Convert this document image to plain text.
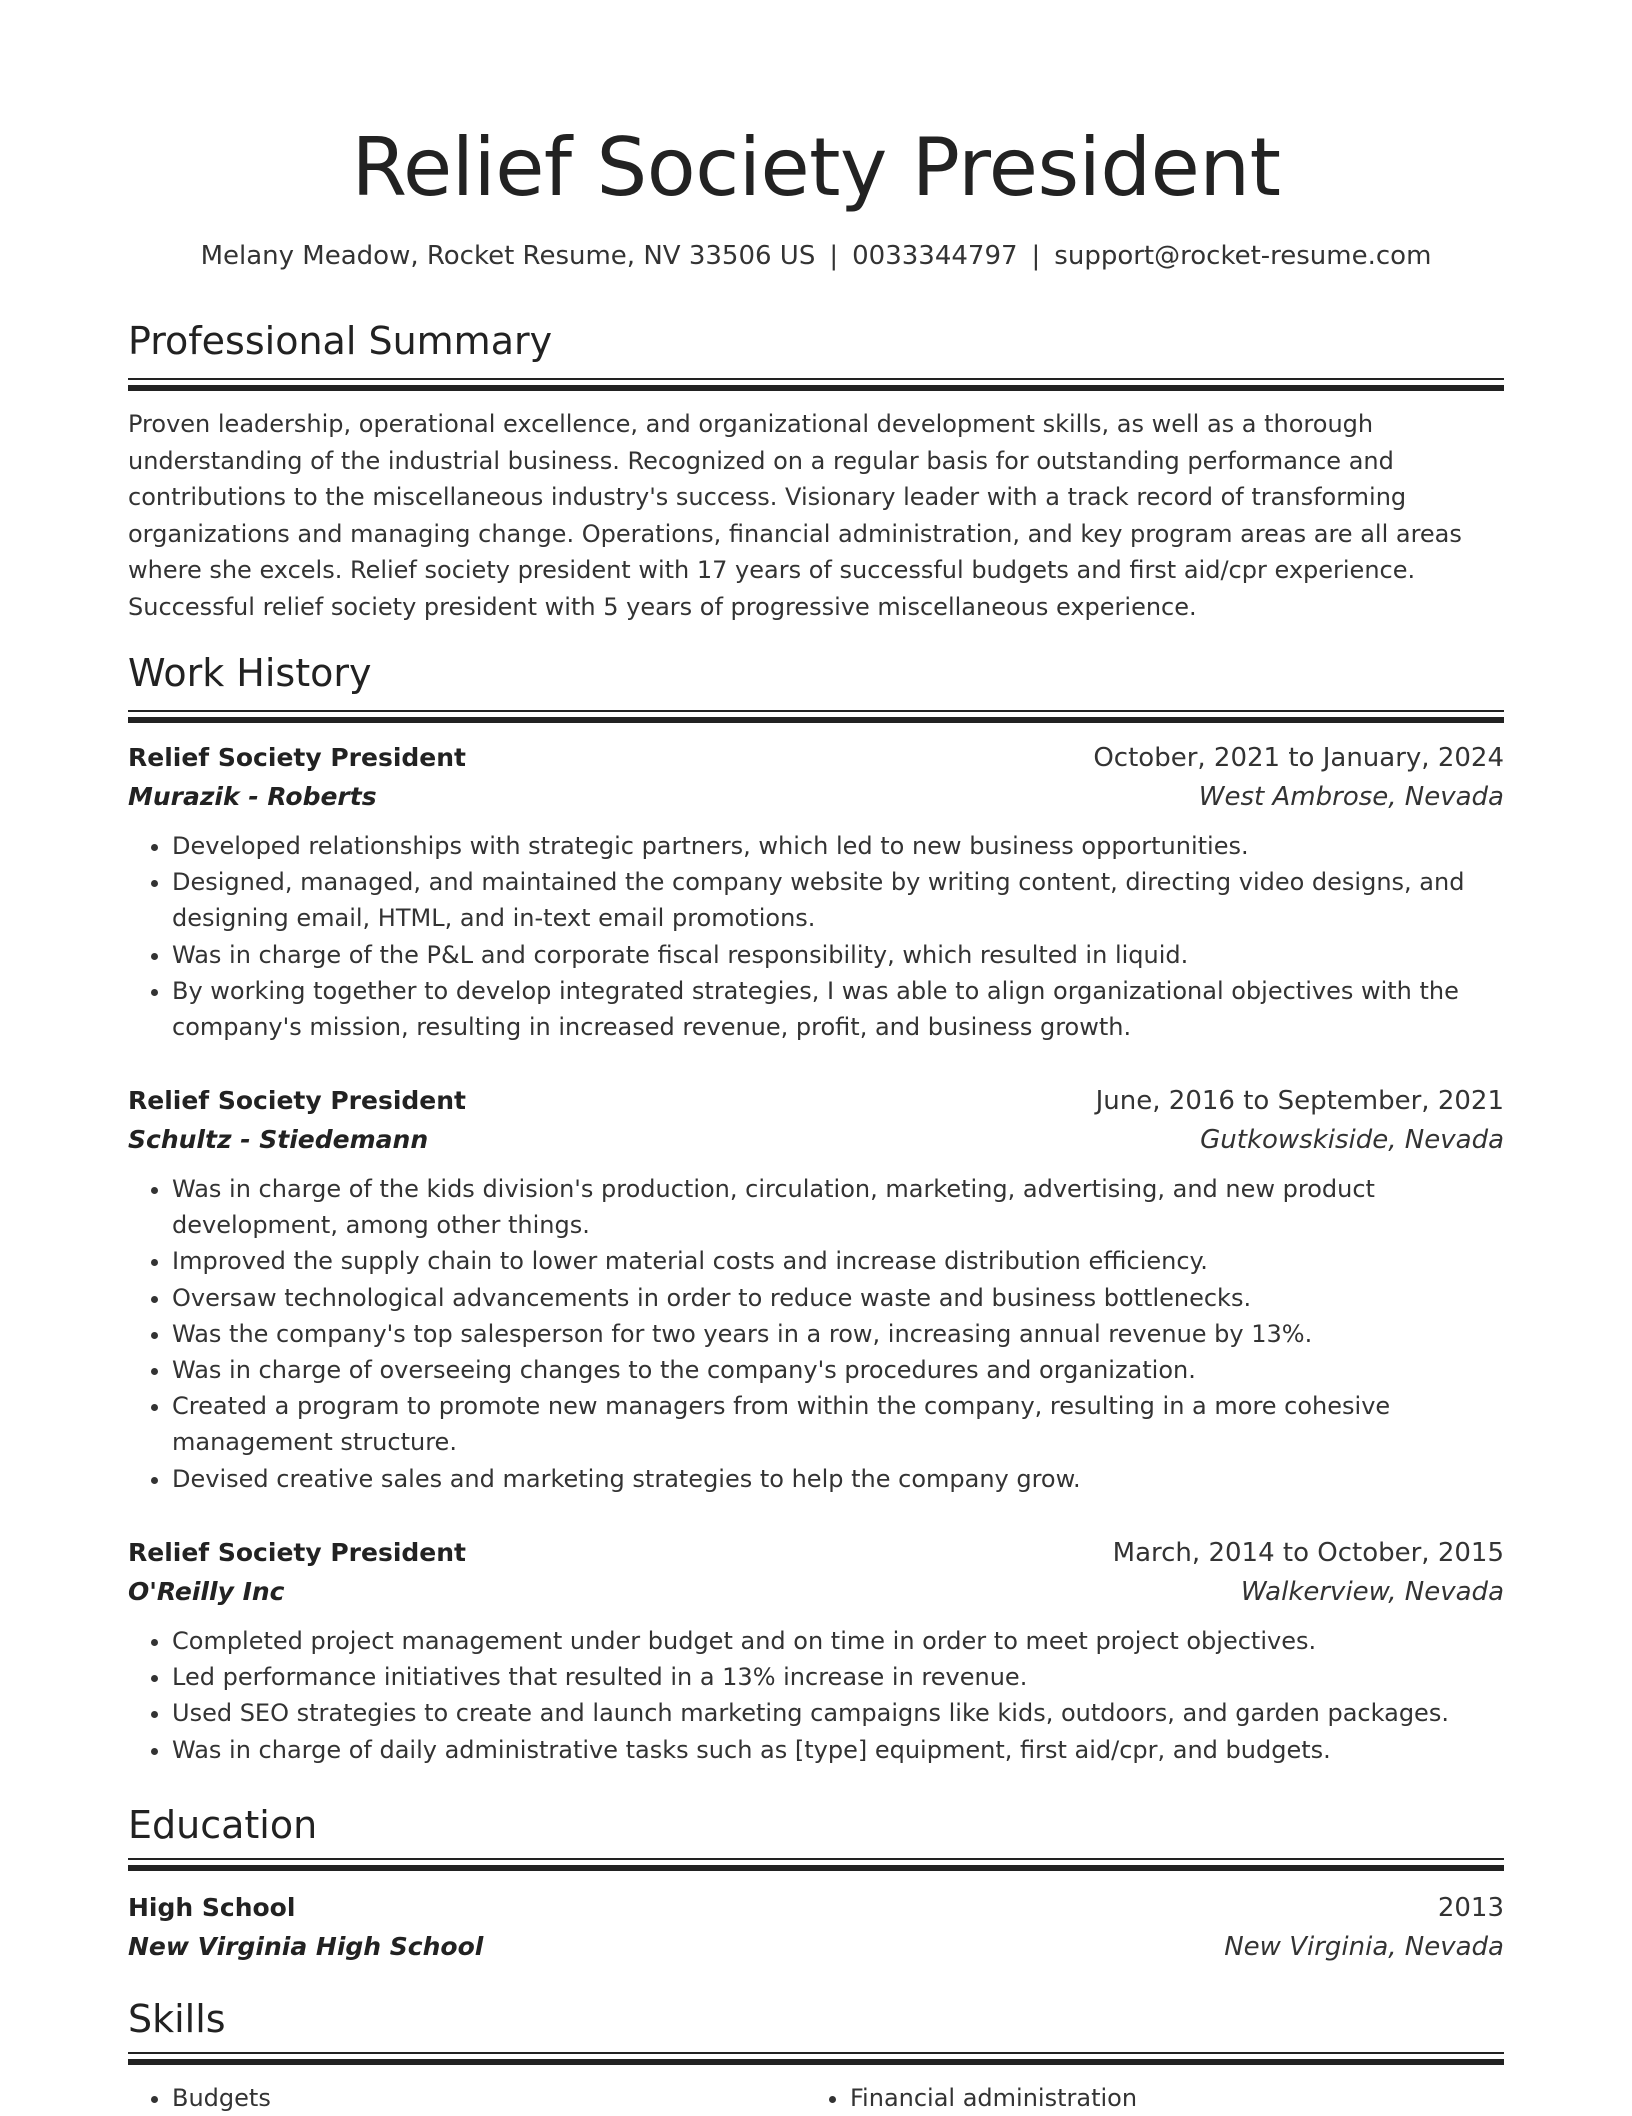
Relief Society President
Melany Meadow, Rocket Resume, NV 33506 US | 0033344797 | support@rocket-resume.com
Professional Summary

Proven leadership, operational excellence, and organizational development skills, as well as a thorough understanding of the industrial business. Recognized on a regular basis for outstanding performance and contributions to the miscellaneous industry's success. Visionary leader with a track record of transforming organizations and managing change. Operations, financial administration, and key program areas are all areas where she excels. Relief society president with 17 years of successful budgets and first aid/cpr experience. Successful relief society president with 5 years of progressive miscellaneous experience.

Work History
Relief Society President	October, 2021 to January, 2024
Murazik - Roberts	West Ambrose, Nevada
• Developed relationships with strategic partners, which led to new business opportunities.
• Designed, managed, and maintained the company website by writing content, directing video designs, and designing email, HTML, and in-text email promotions.
• Was in charge of the P&L and corporate fiscal responsibility, which resulted in liquid.
• By working together to develop integrated strategies, I was able to align organizational objectives with the company's mission, resulting in increased revenue, profit, and business growth.
Relief Society President	June, 2016 to September, 2021
Schultz - Stiedemann	Gutkowskiside, Nevada
• Was in charge of the kids division's production, circulation, marketing, advertising, and new product development, among other things.
• Improved the supply chain to lower material costs and increase distribution efficiency.
• Oversaw technological advancements in order to reduce waste and business bottlenecks.
• Was the company's top salesperson for two years in a row, increasing annual revenue by 13%.
• Was in charge of overseeing changes to the company's procedures and organization.
• Created a program to promote new managers from within the company, resulting in a more cohesive management structure.
• Devised creative sales and marketing strategies to help the company grow.
Relief Society President	March, 2014 to October, 2015
O'Reilly Inc	Walkerview, Nevada
• Completed project management under budget and on time in order to meet project objectives.
• Led performance initiatives that resulted in a 13% increase in revenue.
• Used SEO strategies to create and launch marketing campaigns like kids, outdoors, and garden packages.
• Was in charge of daily administrative tasks such as [type] equipment, first aid/cpr, and budgets.
Education
High School	2013
New Virginia High School	New Virginia, Nevada
Skills
• Budgets
•	Financial administration
